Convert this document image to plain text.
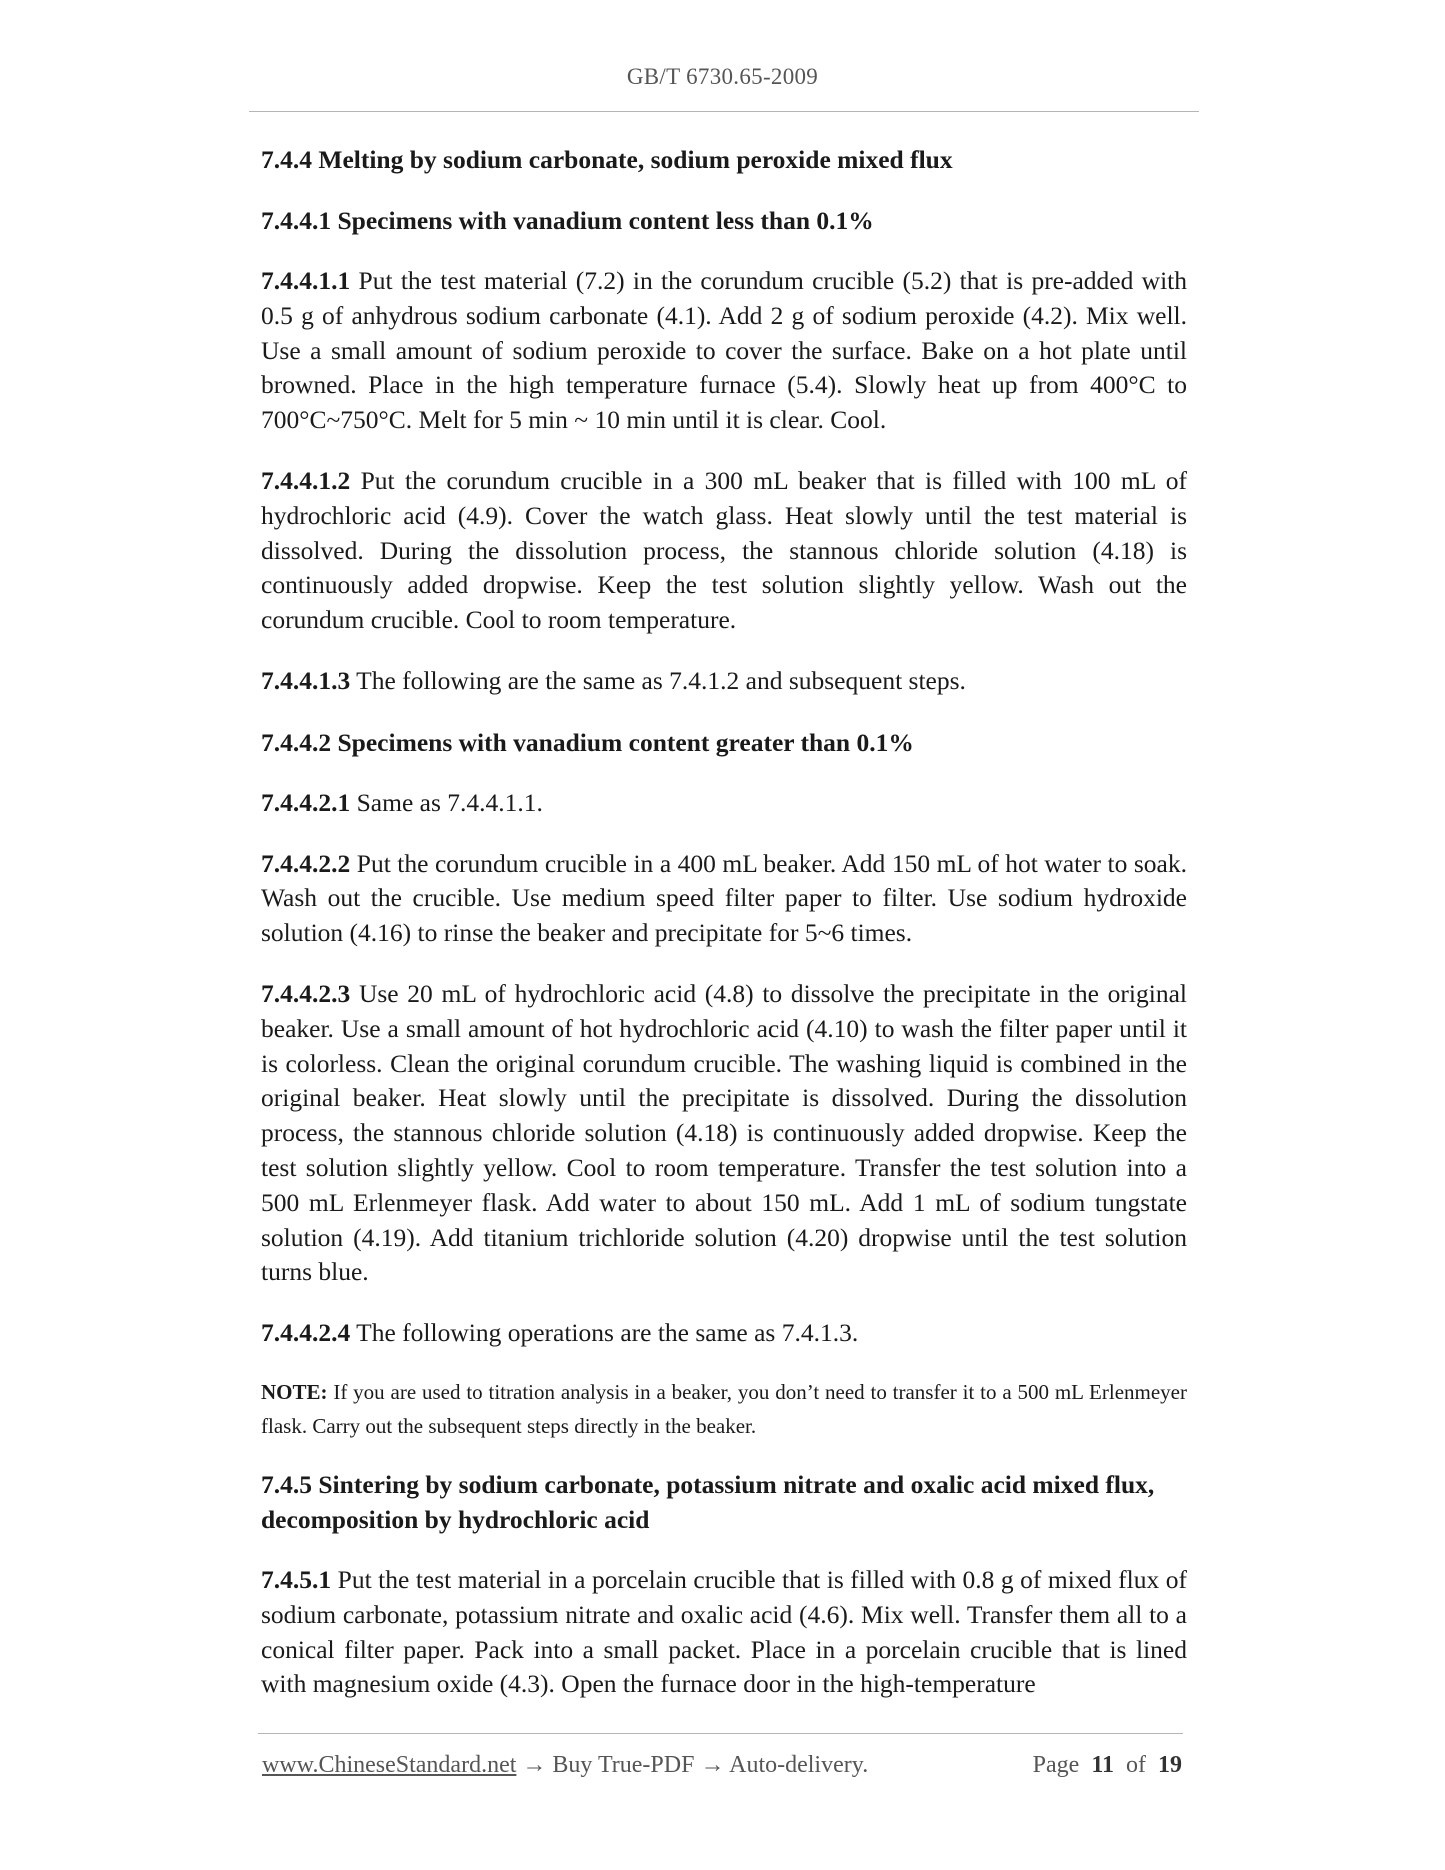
GB/T 6730.65-2009
7.4.4 Melting by sodium carbonate, sodium peroxide mixed flux
7.4.4.1 Specimens with vanadium content less than 0.1%

7.4.4.1.1 Put the test material (7.2) in the corundum crucible (5.2) that is pre-added with 0.5 g of anhydrous sodium carbonate (4.1). Add 2 g of sodium peroxide (4.2). Mix well. Use a small amount of sodium peroxide to cover the surface. Bake on a hot plate until browned. Place in the high temperature furnace (5.4). Slowly heat up from 400°C to 700°C~750°C. Melt for 5 min ~ 10 min until it is clear. Cool.

7.4.4.1.2 Put the corundum crucible in a 300 mL beaker that is filled with 100 mL of hydrochloric acid (4.9). Cover the watch glass. Heat slowly until the test material is dissolved. During the dissolution process, the stannous chloride solution (4.18) is continuously added dropwise. Keep the test solution slightly yellow. Wash out the corundum crucible. Cool to room temperature.

7.4.4.1.3 The following are the same as 7.4.1.2 and subsequent steps.

7.4.4.2 Specimens with vanadium content greater than 0.1%

7.4.4.2.1 Same as 7.4.4.1.1.

7.4.4.2.2 Put the corundum crucible in a 400 mL beaker. Add 150 mL of hot water to soak. Wash out the crucible. Use medium speed filter paper to filter. Use sodium hydroxide solution (4.16) to rinse the beaker and precipitate for 5~6 times.

7.4.4.2.3 Use 20 mL of hydrochloric acid (4.8) to dissolve the precipitate in the original beaker. Use a small amount of hot hydrochloric acid (4.10) to wash the filter paper until it is colorless. Clean the original corundum crucible. The washing liquid is combined in the original beaker. Heat slowly until the precipitate is dissolved. During the dissolution process, the stannous chloride solution (4.18) is continuously added dropwise. Keep the test solution slightly yellow. Cool to room temperature. Transfer the test solution into a 500 mL Erlenmeyer flask. Add water to about 150 mL. Add 1 mL of sodium tungstate solution (4.19). Add titanium trichloride solution (4.20) dropwise until the test solution turns blue.

7.4.4.2.4 The following operations are the same as 7.4.1.3.

NOTE: If you are used to titration analysis in a beaker, you don’t need to transfer it to a 500 mL Erlenmeyer flask. Carry out the subsequent steps directly in the beaker.

7.4.5 Sintering by sodium carbonate, potassium nitrate and oxalic acid mixed flux, decomposition by hydrochloric acid

7.4.5.1 Put the test material in a porcelain crucible that is filled with 0.8 g of mixed flux of sodium carbonate, potassium nitrate and oxalic acid (4.6). Mix well. Transfer them all to a conical filter paper. Pack into a small packet. Place in a porcelain crucible that is lined with magnesium oxide (4.3). Open the furnace door in the high-temperature

www.ChineseStandard.net → Buy True-PDF → Auto-delivery.	Page 11 of 19
